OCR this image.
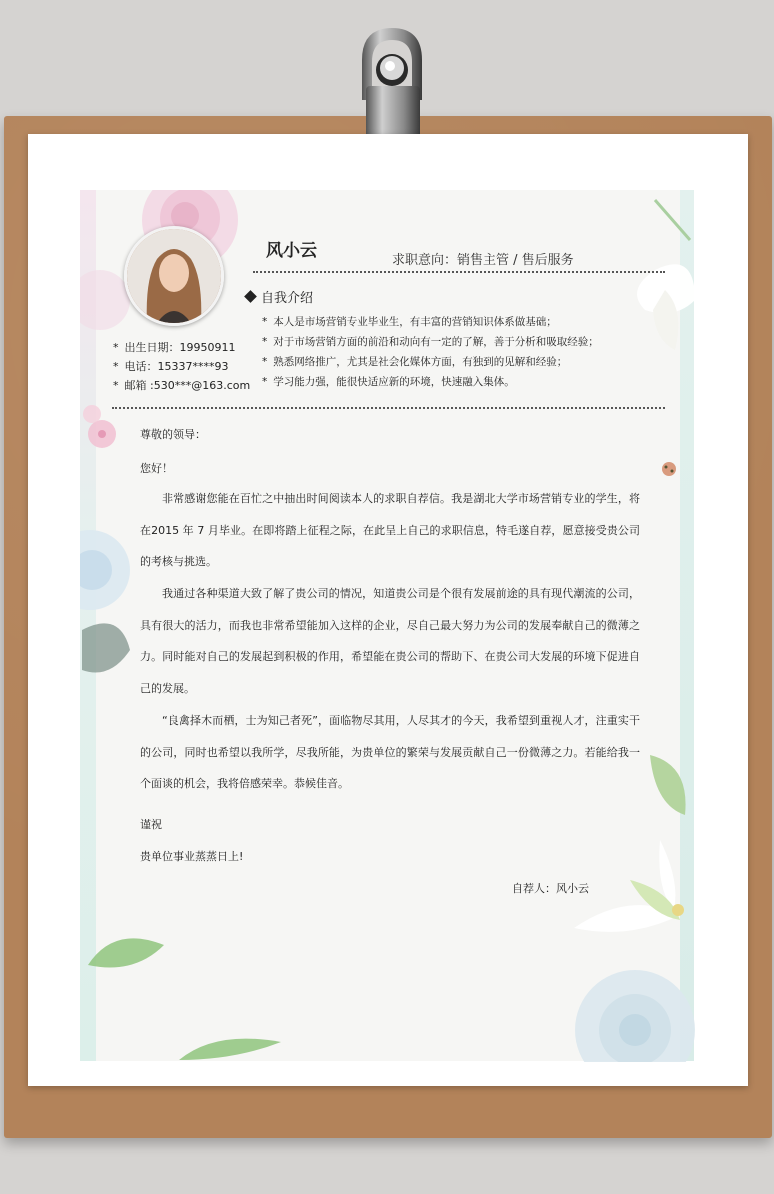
风小云	求职意向：销售主管 / 售后服务
自我介绍
* 本人是市场营销专业毕业生，有丰富的营销知识体系做基础；
* 对于市场营销方面的前沿和动向有一定的了解，善于分析和吸取经验；
* 熟悉网络推广，尤其是社会化媒体方面，有独到的见解和经验；
* 学习能力强，能很快适应新的环境，快速融入集体。
* 出生日期：19950911
* 电话：15337****93
* 邮箱 :530***@163.com
尊敬的领导：
您好！
非常感谢您能在百忙之中抽出时间阅读本人的求职自荐信。我是湖北大学市场营销专业的学生，将在2015 年 7 月毕业。在即将踏上征程之际，在此呈上自己的求职信息，特毛遂自荐，愿意接受贵公司的考核与挑选。
我通过各种渠道大致了解了贵公司的情况，知道贵公司是个很有发展前途的具有现代潮流的公司，具有很大的活力，而我也非常希望能加入这样的企业，尽自己最大努力为公司的发展奉献自己的微薄之力。同时能对自己的发展起到积极的作用，希望能在贵公司的帮助下、在贵公司大发展的环境下促进自己的发展。
“良禽择木而栖，士为知己者死”，面临物尽其用，人尽其才的今天，我希望到重视人才，注重实干的公司，同时也希望以我所学，尽我所能，为贵单位的繁荣与发展贡献自己一份微薄之力。若能给我一个面谈的机会，我将倍感荣幸。恭候佳音。
谨祝
贵单位事业蒸蒸日上!
自荐人：风小云
